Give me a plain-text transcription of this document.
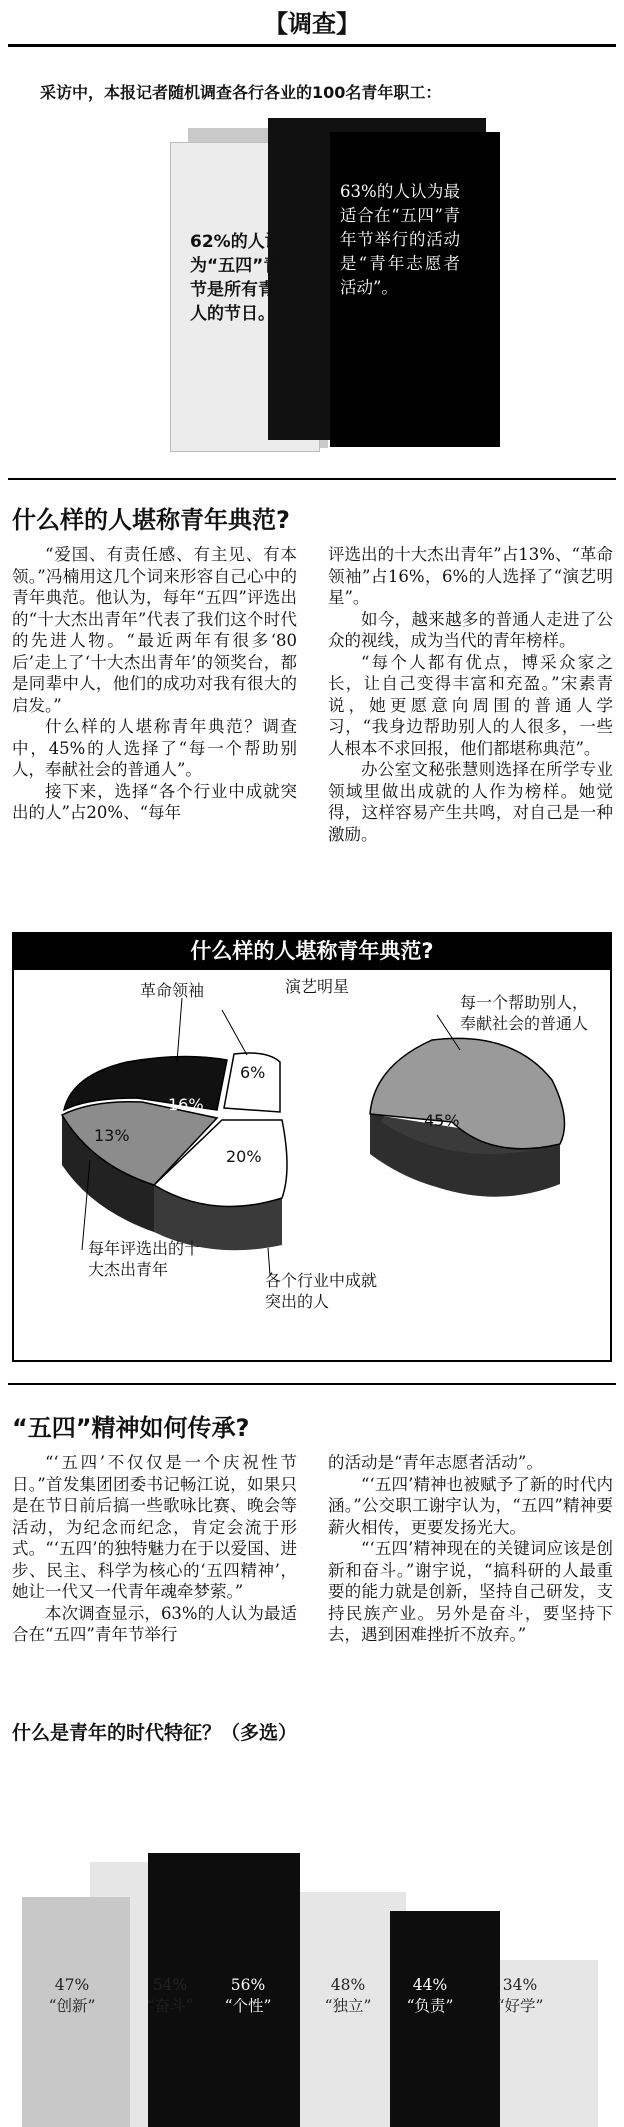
【调查】
采访中，本报记者随机调查各行各业的100名青年职工：
62%的人认为“五四”青年节是所有青年人的节日。
63%的人认为最适合在“五四”青年节举行的活动是“青年志愿者活动”。
什么样的人堪称青年典范?

“爱国、有责任感、有主见、有本领。”冯楠用这几个词来形容自己心中的青年典范。他认为，每年“五四”评选出的“十大杰出青年”代表了我们这个时代的先进人物。“最近两年有很多‘80后’走上了‘十大杰出青年’的领奖台，都是同辈中人，他们的成功对我有很大的启发。”

什么样的人堪称青年典范？调查中，45%的人选择了“每一个帮助别人，奉献社会的普通人”。

接下来，选择“各个行业中成就突出的人”占20%、“每年

评选出的十大杰出青年”占13%、“革命领袖”占16%，6%的人选择了“演艺明星”。

如今，越来越多的普通人走进了公众的视线，成为当代的青年榜样。

“每个人都有优点，博采众家之长，让自己变得丰富和充盈。”宋素青说，她更愿意向周围的普通人学习，“我身边帮助别人的人很多，一些人根本不求回报，他们都堪称典范”。

办公室文秘张慧则选择在所学专业领域里做出成就的人作为榜样。她觉得，这样容易产生共鸣，对自己是一种激励。

什么样的人堪称青年典范?
16%
6%
45%
13%
20%
革命领袖	演艺明星
每一个帮助别人，奉献社会的普通人
各个行业中成就突出的人
每年评选出的十大杰出青年
“五四”精神如何传承?

“‘五四’不仅仅是一个庆祝性节日。”首发集团团委书记畅江说，如果只是在节日前后搞一些歌咏比赛、晚会等活动，为纪念而纪念，肯定会流于形式。“‘五四’的独特魅力在于以爱国、进步、民主、科学为核心的‘五四精神’，她让一代又一代青年魂牵梦萦。”

本次调查显示，63%的人认为最适合在“五四”青年节举行

的活动是“青年志愿者活动”。

“‘五四’精神也被赋予了新的时代内涵。”公交职工谢宇认为，“五四”精神要薪火相传，更要发扬光大。

“‘五四’精神现在的关键词应该是创新和奋斗。”谢宇说，“搞科研的人最重要的能力就是创新，坚持自己研发，支持民族产业。另外是奋斗，要坚持下去，遇到困难挫折不放弃。”

什么是青年的时代特征？（多选）
47%
“创新”
54%
“奋斗”
56%
“个性”
48%
“独立”
44%
“负责”
34%
“好学”
